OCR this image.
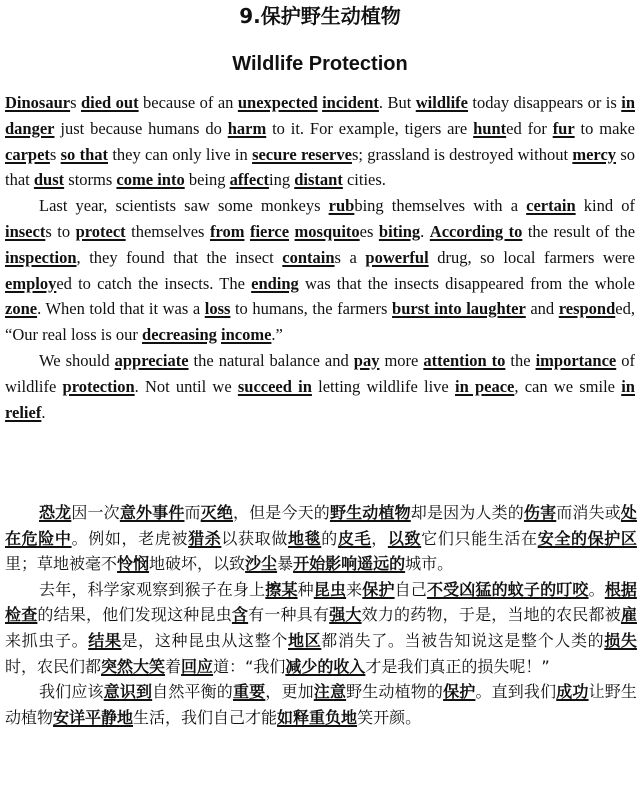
9.保护野生动植物
Wildlife Protection

Dinosaurs died out because of an unexpected incident. But wildlife today disappears or is in danger just because humans do harm to it. For example, tigers are hunted for fur to make carpets so that they can only live in secure reserves; grassland is destroyed without mercy so that dust storms come into being affecting distant cities.

Last year, scientists saw some monkeys rubbing themselves with a certain kind of insects to protect themselves from fierce mosquitoes biting. According to the result of the inspection, they found that the insect contains a powerful drug, so local farmers were employed to catch the insects. The ending was that the insects disappeared from the whole zone. When told that it was a loss to humans, the farmers burst into laughter and responded, “Our real loss is our decreasing income.”

We should appreciate the natural balance and pay more attention to the importance of wildlife protection. Not until we succeed in letting wildlife live in peace, can we smile in relief.

恐龙因一次意外事件而灭绝，但是今天的野生动植物却是因为人类的伤害而消失或处在危险中。例如，老虎被猎杀以获取做地毯的皮毛，以致它们只能生活在安全的保护区里；草地被毫不怜悯地破坏，以致沙尘暴开始影响遥远的城市。

去年，科学家观察到猴子在身上擦某种昆虫来保护自己不受凶猛的蚊子的叮咬。根据检查的结果，他们发现这种昆虫含有一种具有强大效力的药物，于是，当地的农民都被雇来抓虫子。结果是，这种昆虫从这整个地区都消失了。当被告知说这是整个人类的损失时，农民们都突然大笑着回应道：“我们减少的收入才是我们真正的损失呢！”

我们应该意识到自然平衡的重要，更加注意野生动植物的保护。直到我们成功让野生动植物安详平静地生活，我们自己才能如释重负地笑开颜。
